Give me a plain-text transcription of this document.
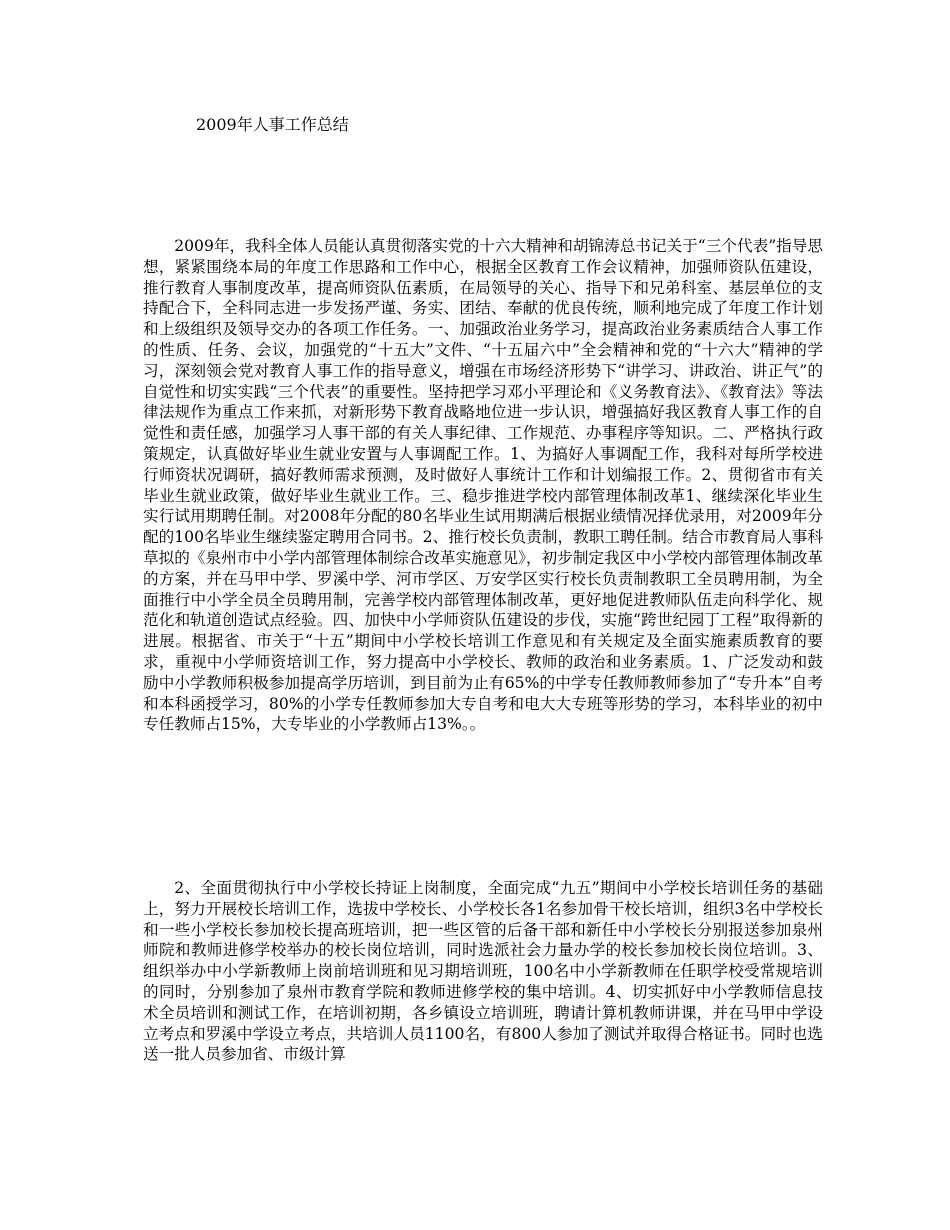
2009年人事工作总结

2009年，我科全体人员能认真贯彻落实党的十六大精神和胡锦涛总书记关于“三个代表”指导思想，紧紧围绕本局的年度工作思路和工作中心，根据全区教育工作会议精神，加强师资队伍建设，推行教育人事制度改革，提高师资队伍素质，在局领导的关心、指导下和兄弟科室、基层单位的支持配合下，全科同志进一步发扬严谨、务实、团结、奉献的优良传统，顺利地完成了年度工作计划和上级组织及领导交办的各项工作任务。一、加强政治业务学习，提高政治业务素质结合人事工作的性质、任务、会议，加强党的“十五大”文件、“十五届六中”全会精神和党的“十六大”精神的学习，深刻领会党对教育人事工作的指导意义，增强在市场经济形势下“讲学习、讲政治、讲正气”的自觉性和切实实践“三个代表”的重要性。坚持把学习邓小平理论和《义务教育法》、《教育法》等法律法规作为重点工作来抓，对新形势下教育战略地位进一步认识，增强搞好我区教育人事工作的自觉性和责任感，加强学习人事干部的有关人事纪律、工作规范、办事程序等知识。二、严格执行政策规定，认真做好毕业生就业安置与人事调配工作。1、为搞好人事调配工作，我科对每所学校进行师资状况调研，搞好教师需求预测，及时做好人事统计工作和计划编报工作。2、贯彻省市有关毕业生就业政策，做好毕业生就业工作。三、稳步推进学校内部管理体制改革1、继续深化毕业生实行试用期聘任制。对2008年分配的80名毕业生试用期满后根据业绩情况择优录用，对2009年分配的100名毕业生继续鉴定聘用合同书。2、推行校长负责制，教职工聘任制。结合市教育局人事科草拟的《泉州市中小学内部管理体制综合改革实施意见》，初步制定我区中小学校内部管理体制改革的方案，并在马甲中学、罗溪中学、河市学区、万安学区实行校长负责制教职工全员聘用制，为全面推行中小学全员全员聘用制，完善学校内部管理体制改革，更好地促进教师队伍走向科学化、规范化和轨道创造试点经验。四、加快中小学师资队伍建设的步伐，实施“跨世纪园丁工程”取得新的进展。根据省、市关于“十五”期间中小学校长培训工作意见和有关规定及全面实施素质教育的要求，重视中小学师资培训工作，努力提高中小学校长、教师的政治和业务素质。1、广泛发动和鼓励中小学教师积极参加提高学历培训，到目前为止有65%的中学专任教师教师参加了“专升本”自考和本科函授学习，80%的小学专任教师参加大专自考和电大大专班等形势的学习，本科毕业的初中专任教师占15%，大专毕业的小学教师占13%。。

2、全面贯彻执行中小学校长持证上岗制度，全面完成“九五”期间中小学校长培训任务的基础上，努力开展校长培训工作，选拔中学校长、小学校长各1名参加骨干校长培训，组织3名中学校长和一些小学校长参加校长提高班培训，把一些区管的后备干部和新任中小学校长分别报送参加泉州师院和教师进修学校举办的校长岗位培训，同时选派社会力量办学的校长参加校长岗位培训。3、组织举办中小学新教师上岗前培训班和见习期培训班，100名中小学新教师在任职学校受常规培训的同时，分别参加了泉州市教育学院和教师进修学校的集中培训。4、切实抓好中小学教师信息技术全员培训和测试工作，在培训初期，各乡镇设立培训班，聘请计算机教师讲课，并在马甲中学设立考点和罗溪中学设立考点，共培训人员1100名，有800人参加了测试并取得合格证书。同时也选送一批人员参加省、市级计算
